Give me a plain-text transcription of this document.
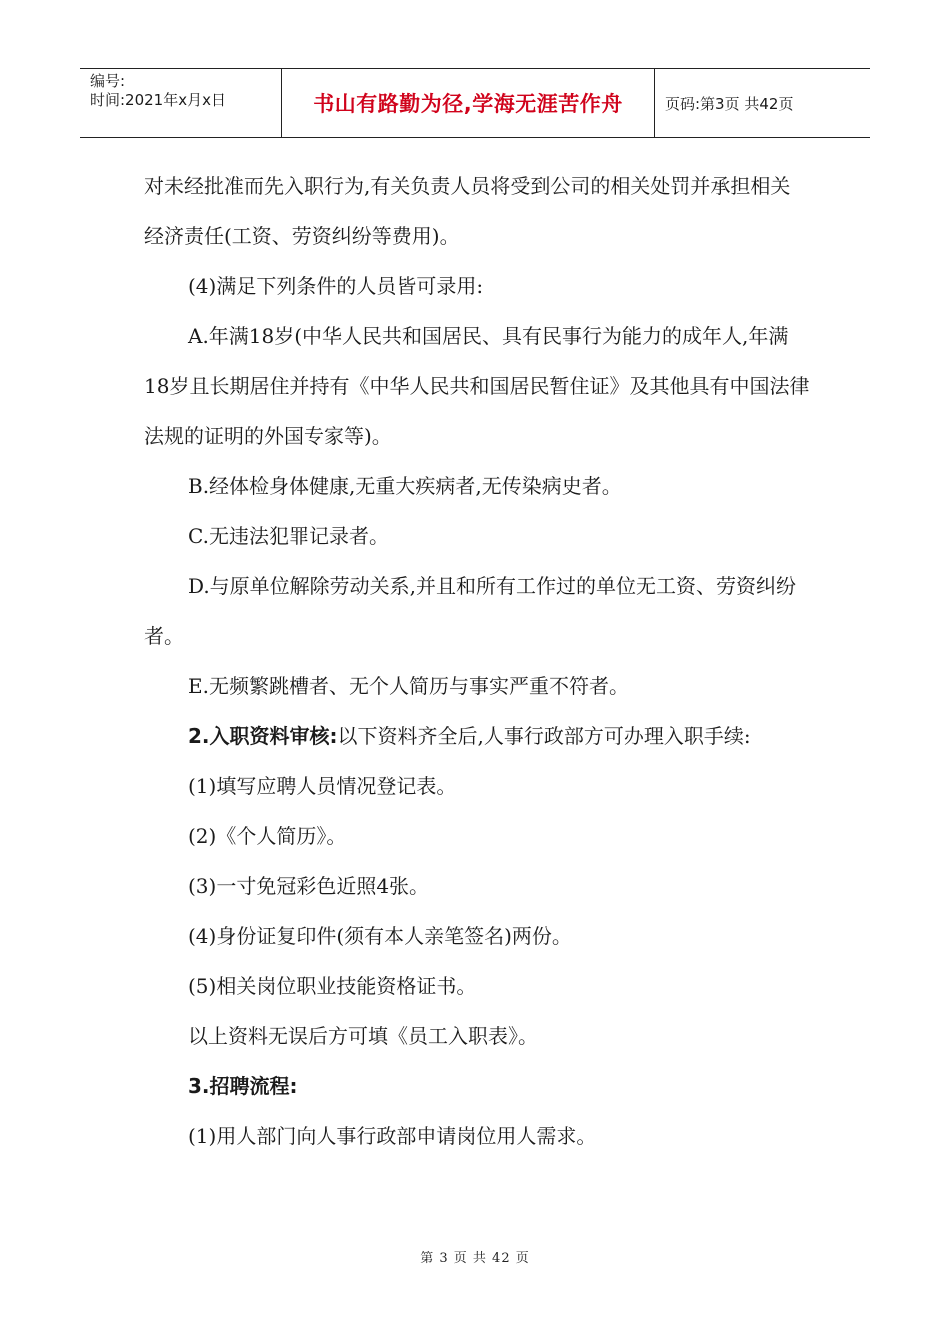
编号:
时间:2021年x月x日	书山有路勤为径,学海无涯苦作舟	页码:第3页 共42页

对未经批准而先入职行为,有关负责人员将受到公司的相关处罚并承担相关经济责任(工资、劳资纠纷等费用)。

(4)满足下列条件的人员皆可录用:

A.年满18岁(中华人民共和国居民、具有民事行为能力的成年人,年满18岁且长期居住并持有《中华人民共和国居民暂住证》及其他具有中国法律法规的证明的外国专家等)。

B.经体检身体健康,无重大疾病者,无传染病史者。

C.无违法犯罪记录者。

D.与原单位解除劳动关系,并且和所有工作过的单位无工资、劳资纠纷者。

E.无频繁跳槽者、无个人简历与事实严重不符者。

2.入职资料审核:以下资料齐全后,人事行政部方可办理入职手续:

(1)填写应聘人员情况登记表。

(2)《个人简历》。

(3)一寸免冠彩色近照4张。

(4)身份证复印件(须有本人亲笔签名)两份。

(5)相关岗位职业技能资格证书。

以上资料无误后方可填《员工入职表》。

3.招聘流程:

(1)用人部门向人事行政部申请岗位用人需求。

第 3 页 共 42 页
